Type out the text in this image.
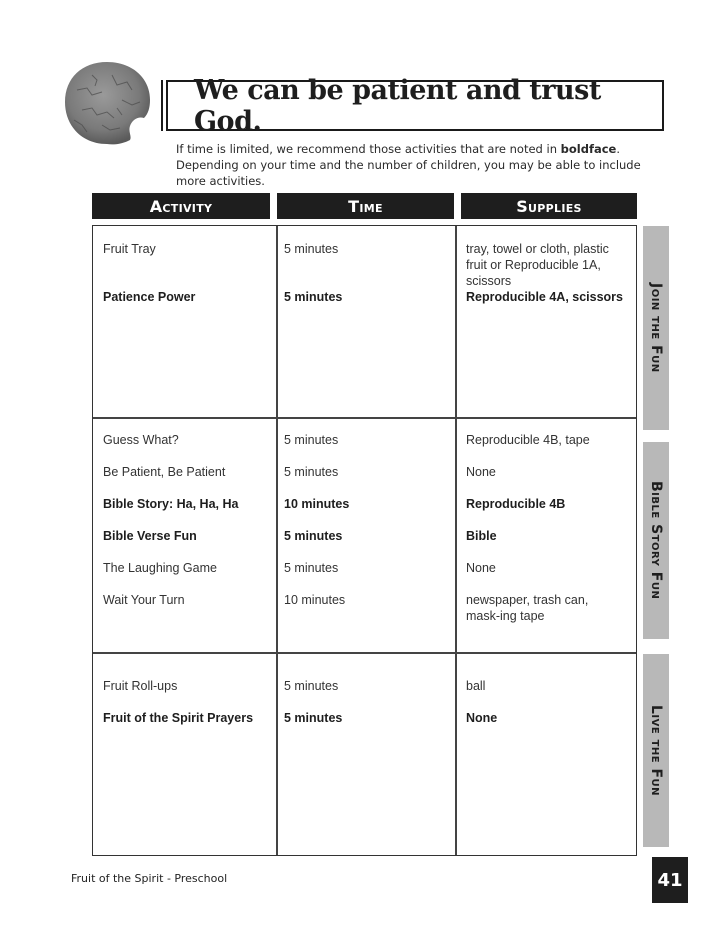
We can be patient and trust God.
If time is limited, we recommend those activities that are noted in boldface. Depending on your time and the number of children, you may be able to include more activities.
Activity	Time	Supplies
Fruit Tray	5 minutes	tray, towel or cloth, plastic fruit or Reproducible 1A, scissors
Patience Power	5 minutes	Reproducible 4A, scissors
Guess What?	5 minutes	Reproducible 4B, tape
Be Patient, Be Patient	5 minutes	None
Bible Story: Ha, Ha, Ha	10 minutes	Reproducible 4B
Bible Verse Fun	5 minutes	Bible
The Laughing Game	5 minutes	None
Wait Your Turn	10 minutes	newspaper, trash can, mask-ing tape
Fruit Roll-ups	5 minutes	ball
Fruit of the Spirit Prayers	5 minutes	None
Join the Fun
Bible Story Fun
Live the Fun
Fruit of the Spirit - Preschool	41
